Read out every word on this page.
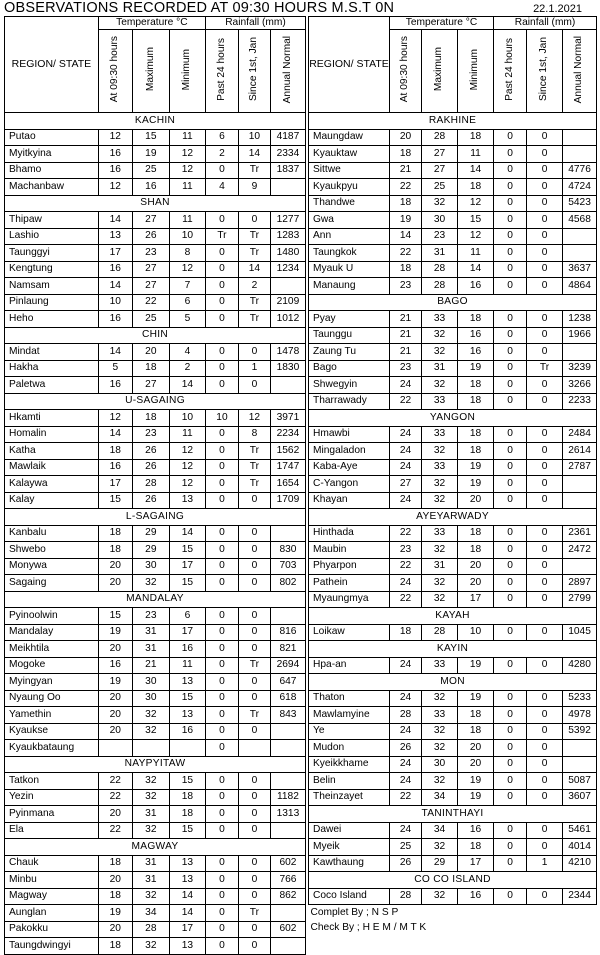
OBSERVATIONS RECORDED AT 09:30 HOURS M.S.T 0N	22.1.2021
REGION/ STATE	Temperature °C			Rainfall (mm)		
	At 09:30 hours	Maximum	Minimum	Past 24 hours	Since 1st, Jan	Annual Normal
KACHIN						
Putao	12	15	11	6	10	4187
Myitkyina	16	19	12	2	14	2334
Bhamo	16	25	12	0	Tr	1837
Machanbaw	12	16	11	4	9	
SHAN						
Thipaw	14	27	11	0	0	1277
Lashio	13	26	10	Tr	Tr	1283
Taunggyi	17	23	8	0	Tr	1480
Kengtung	16	27	12	0	14	1234
Namsam	14	27	7	0	2	
Pinlaung	10	22	6	0	Tr	2109
Heho	16	25	5	0	Tr	1012
CHIN						
Mindat	14	20	4	0	0	1478
Hakha	5	18	2	0	1	1830
Paletwa	16	27	14	0	0	
U-SAGAING						
Hkamti	12	18	10	10	12	3971
Homalin	14	23	11	0	8	2234
Katha	18	26	12	0	Tr	1562
Mawlaik	16	26	12	0	Tr	1747
Kalaywa	17	28	12	0	Tr	1654
Kalay	15	26	13	0	0	1709
L-SAGAING						
Kanbalu	18	29	14	0	0	
Shwebo	18	29	15	0	0	830
Monywa	20	30	17	0	0	703
Sagaing	20	32	15	0	0	802
MANDALAY						
Pyinoolwin	15	23	6	0	0	
Mandalay	19	31	17	0	0	816
Meikhtila	20	31	16	0	0	821
Mogoke	16	21	11	0	Tr	2694
Myingyan	19	30	13	0	0	647
Nyaung Oo	20	30	15	0	0	618
Yamethin	20	32	13	0	Tr	843
Kyaukse	20	32	16	0	0	
Kyaukbataung				0		
NAYPYITAW						
Tatkon	22	32	15	0	0	
Yezin	22	32	18	0	0	1182
Pyinmana	20	31	18	0	0	1313
Ela	22	32	15	0	0	
MAGWAY						
Chauk	18	31	13	0	0	602
Minbu	20	31	13	0	0	766
Magway	18	32	14	0	0	862
Aunglan	19	34	14	0	Tr	
Pakokku	20	28	17	0	0	602
Taungdwingyi	18	32	13	0	0	
REGION/ STATE	Temperature °C			Rainfall (mm)		
	At 09:30 hours	Maximum	Minimum	Past 24 hours	Since 1st, Jan	Annual Normal
RAKHINE						
Maungdaw	20	28	18	0	0	
Kyauktaw	18	27	11	0	0	
Sittwe	21	27	14	0	0	4776
Kyaukpyu	22	25	18	0	0	4724
Thandwe	18	32	12	0	0	5423
Gwa	19	30	15	0	0	4568
Ann	14	23	12	0	0	
Taungkok	22	31	11	0	0	
Myauk U	18	28	14	0	0	3637
Manaung	23	28	16	0	0	4864
BAGO						
Pyay	21	33	18	0	0	1238
Taunggu	21	32	16	0	0	1966
Zaung Tu	21	32	16	0	0	
Bago	23	31	19	0	Tr	3239
Shwegyin	24	32	18	0	0	3266
Tharrawady	22	33	18	0	0	2233
YANGON						
Hmawbi	24	33	18	0	0	2484
Mingaladon	24	32	18	0	0	2614
Kaba-Aye	24	33	19	0	0	2787
C-Yangon	27	32	19	0	0	
Khayan	24	32	20	0	0	
AYEYARWADY						
Hinthada	22	33	18	0	0	2361
Maubin	23	32	18	0	0	2472
Phyarpon	22	31	20	0	0	
Pathein	24	32	20	0	0	2897
Myaungmya	22	32	17	0	0	2799
KAYAH						
Loikaw	18	28	10	0	0	1045
KAYIN						
Hpa-an	24	33	19	0	0	4280
MON						
Thaton	24	32	19	0	0	5233
Mawlamyine	28	33	18	0	0	4978
Ye	24	32	18	0	0	5392
Mudon	26	32	20	0	0	
Kyeikkhame	24	30	20	0	0	
Belin	24	32	19	0	0	5087
Theinzayet	22	34	19	0	0	3607
TANINTHAYI						
Dawei	24	34	16	0	0	5461
Myeik	25	32	18	0	0	4014
Kawthaung	26	29	17	0	1	4210
CO CO ISLAND						
Coco Island	28	32	16	0	0	2344
Complet By ; N S P						
Check By ; H E M / M T K						
